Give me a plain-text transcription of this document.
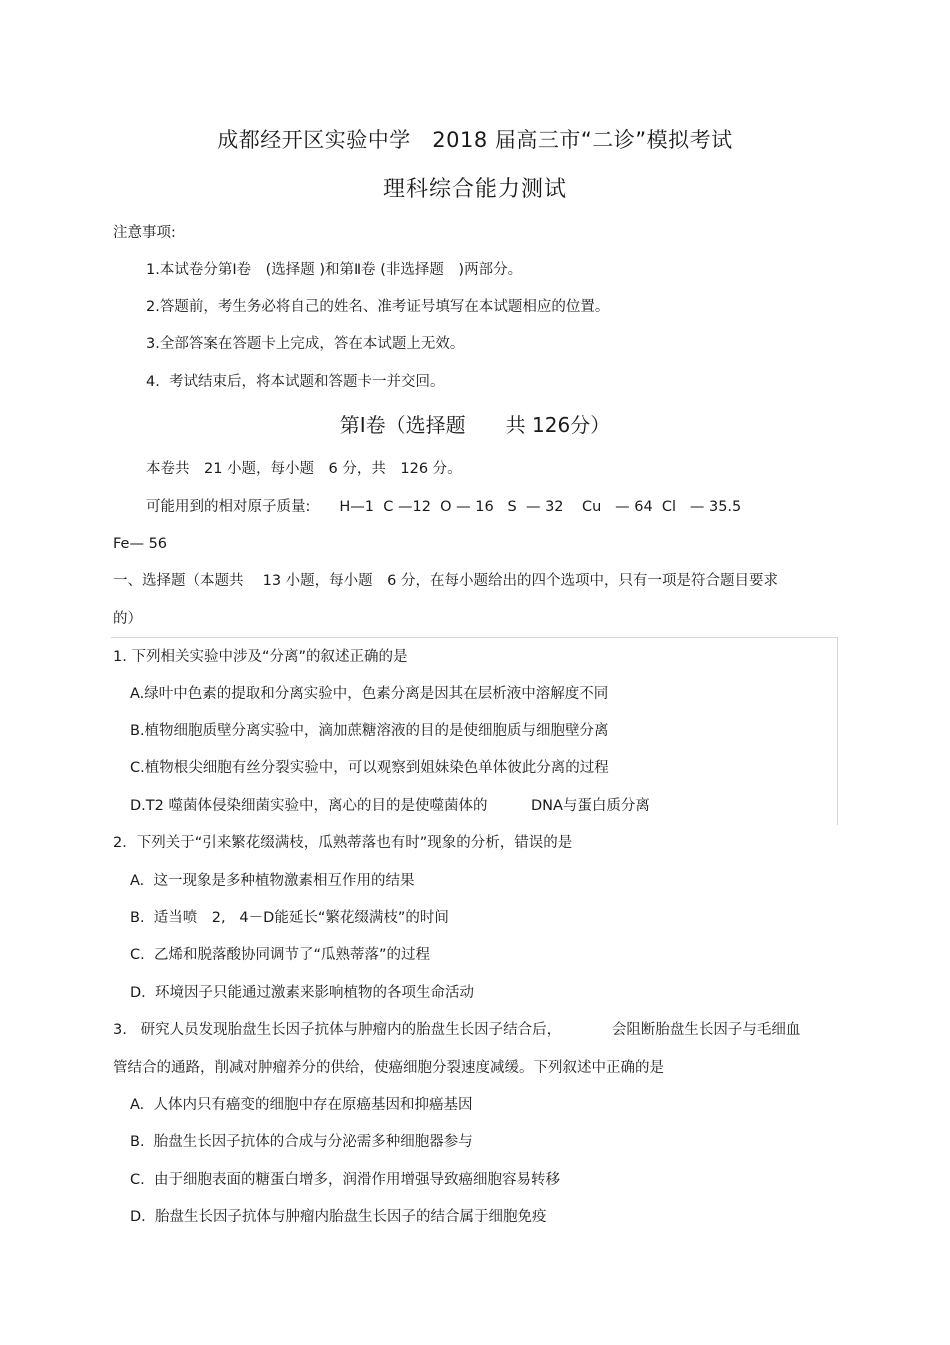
成都经开区实验中学　2018 届高三市“二诊”模拟考试
理科综合能力测试
注意事项:
1.本试卷分第Ⅰ卷　(选择题 )和第Ⅱ卷 (非选择题　)两部分。
2.答题前，考生务必将自己的姓名、准考证号填写在本试题相应的位置。
3.全部答案在答题卡上完成，答在本试题上无效。
4.  考试结束后，将本试题和答题卡一并交回。
第Ⅰ卷（选择题　　共 126分）
本卷共　21 小题，每小题　6 分，共　126 分。
可能用到的相对原子质量:　　H—1  C —12  O — 16   S  — 32    Cu   — 64  Cl   — 35.5
Fe— 56
一、选择题（本题共　 13 小题，每小题　6 分，在每小题给出的四个选项中，只有一项是符合题目要求
的）
1. 下列相关实验中涉及“分离”的叙述正确的是
A.绿叶中色素的提取和分离实验中，色素分离是因其在层析液中溶解度不同
B.植物细胞质壁分离实验中，滴加蔗糖溶液的目的是使细胞质与细胞壁分离
C.植物根尖细胞有丝分裂实验中，可以观察到姐妹染色单体彼此分离的过程
D.T2 噬菌体侵染细菌实验中，离心的目的是使噬菌体的　　　DNA与蛋白质分离
2．下列关于“引来繁花缀满枝，瓜熟蒂落也有时”现象的分析，错误的是
A.  这一现象是多种植物激素相互作用的结果
B.  适当喷　2,   4－D能延长“繁花缀满枝”的时间
C.  乙烯和脱落酸协同调节了“瓜熟蒂落”的过程
D.  环境因子只能通过激素来影响植物的各项生命活动
3.   研究人员发现胎盘生长因子抗体与肿瘤内的胎盘生长因子结合后，　　　　会阻断胎盘生长因子与毛细血
管结合的通路，削减对肿瘤养分的供给，使癌细胞分裂速度减缓。下列叙述中正确的是
A.  人体内只有癌变的细胞中存在原癌基因和抑癌基因
B.  胎盘生长因子抗体的合成与分泌需多种细胞器参与
C.  由于细胞表面的糖蛋白增多，润滑作用增强导致癌细胞容易转移
D.  胎盘生长因子抗体与肿瘤内胎盘生长因子的结合属于细胞免疫
